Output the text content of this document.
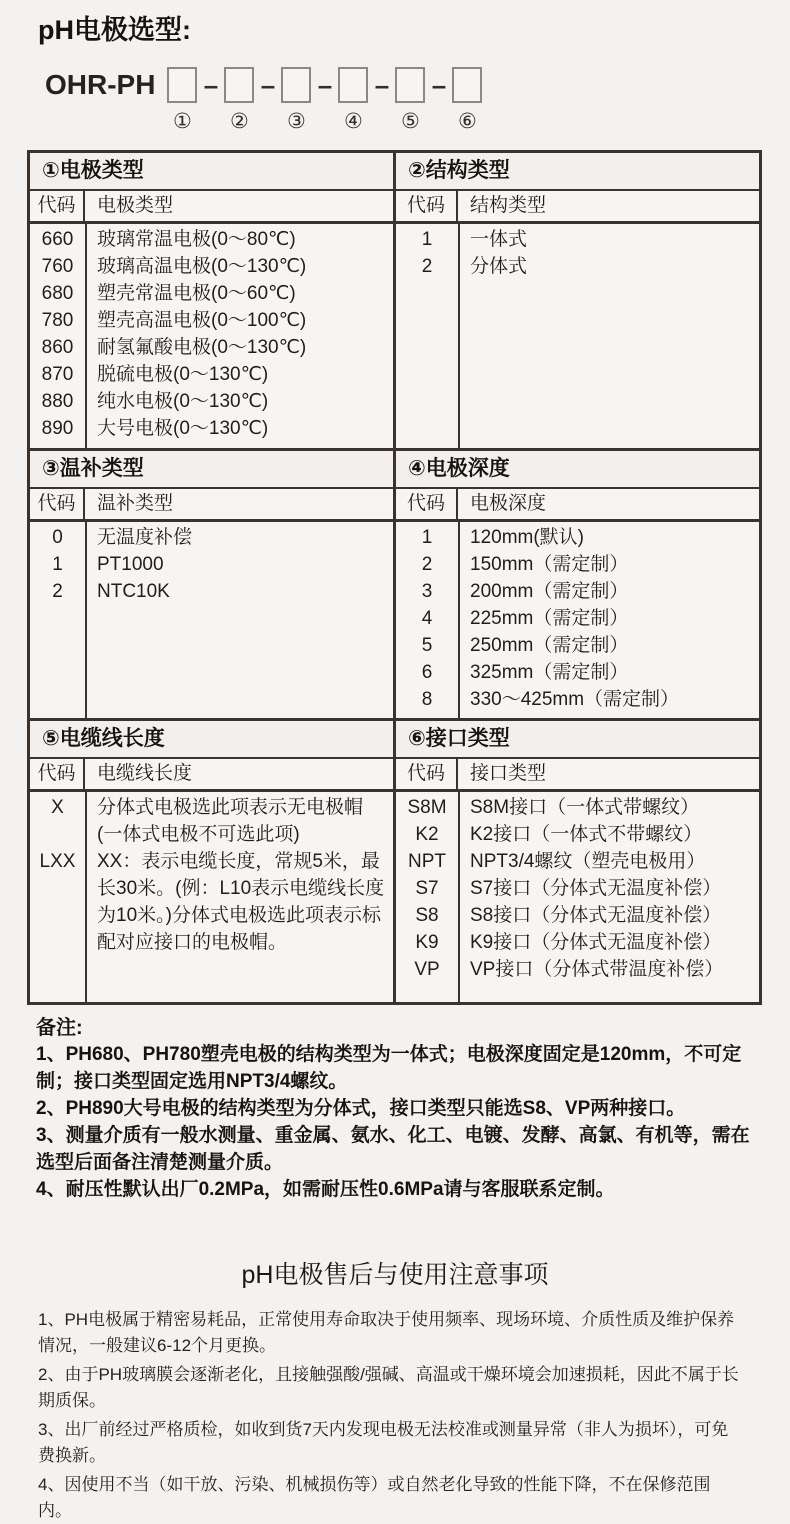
pH电极选型:
OHR-PH – – – – –
① ② ③ ④ ⑤ ⑥
①电极类型
代码	电极类型
660	玻璃常温电极(0～80℃)
760	玻璃高温电极(0～130℃)
680	塑壳常温电极(0～60℃)
780	塑壳高温电极(0～100℃)
860	耐氢氟酸电极(0～130℃)
870	脱硫电极(0～130℃)
880	纯水电极(0～130℃)
890	大号电极(0～130℃)
②结构类型
代码	结构类型
1	一体式
2	分体式
③温补类型
代码	温补类型
0	无温度补偿
1	PT1000
2	NTC10K
④电极深度
代码	电极深度
1	120mm(默认)
2	150mm（需定制）
3	200mm（需定制）
4	225mm（需定制）
5	250mm（需定制）
6	325mm（需定制）
8	330～425mm（需定制）
⑤电缆线长度
代码	电缆线长度
X	分体式电极选此项表示无电极帽(一体式电极不可选此项)
LXX	XX：表示电缆长度，常规5米，最长30米。(例：L10表示电缆线长度为10米。)分体式电极选此项表示标配对应接口的电极帽。
⑥接口类型
代码	接口类型
S8M	S8M接口（一体式带螺纹）
K2	K2接口（一体式不带螺纹）
NPT	NPT3/4螺纹（塑壳电极用）
S7	S7接口（分体式无温度补偿）
S8	S8接口（分体式无温度补偿）
K9	K9接口（分体式无温度补偿）
VP	VP接口（分体式带温度补偿）
备注:
1、PH680、PH780塑壳电极的结构类型为一体式；电极深度固定是120mm，不可定制；接口类型固定选用NPT3/4螺纹。
2、PH890大号电极的结构类型为分体式，接口类型只能选S8、VP两种接口。
3、测量介质有一般水测量、重金属、氨水、化工、电镀、发酵、高氯、有机等，需在选型后面备注清楚测量介质。
4、耐压性默认出厂0.2MPa，如需耐压性0.6MPa请与客服联系定制。
pH电极售后与使用注意事项
1、PH电极属于精密易耗品，正常使用寿命取决于使用频率、现场环境、介质性质及维护保养情况，一般建议6-12个月更换。
2、由于PH玻璃膜会逐渐老化，且接触强酸/强碱、高温或干燥环境会加速损耗，因此不属于长期质保。
3、出厂前经过严格质检，如收到货7天内发现电极无法校准或测量异常（非人为损坏），可免费换新。
4、因使用不当（如干放、污染、机械损伤等）或自然老化导致的性能下降，不在保修范围内。
